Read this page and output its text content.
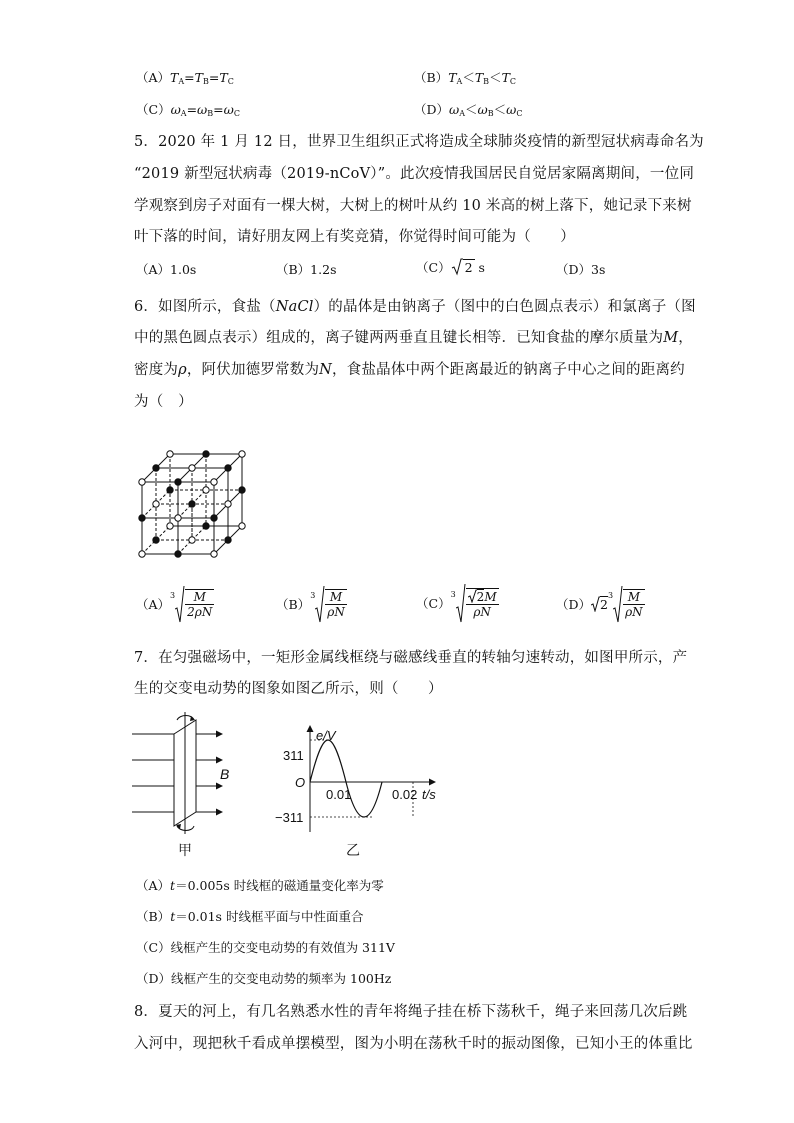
$(A)T_A=T_B=T_C$	$(B)T_A<T_B<T_C$
$(C)\omega_A=\omega_B=\omega_C$	$(D)\omega_A<\omega_B<\omega_C$
5．2020 年 1 月 12 日，世界卫生组织正式将造成全球肺炎疫情的新型冠状病毒命名为
“2019 新型冠状病毒（2019-nCoV）”。此次疫情我国居民自觉居家隔离期间，一位同
学观察到房子对面有一棵大树，大树上的树叶从约 10 米高的树上落下，她记录下来树
叶下落的时间，请好朋友网上有奖竞猜，你觉得时间可能为（　　）
（A）1.0s	（B）1.2s	（C） 2 s	（D）3s
6．如图所示，食盐（NaCl）的晶体是由钠离子（图中的白色圆点表示）和氯离子（图
中的黑色圆点表示）组成的，离子键两两垂直且键长相等．已知食盐的摩尔质量为M，
密度为ρ，阿伏加德罗常数为N，食盐晶体中两个距离最近的钠离子中心之间的距离约
为（　）
$(A)^3 \frac{M}{2\rho N}$	$(B)^3 \frac{M}{\rho N}$	$(C)^3 \frac{2M}{\rho N}$	（D） $2^3 \frac{M}{\rho N}$
7．在匀强磁场中，一矩形金属线框绕与磁感线垂直的转轴匀速转动，如图甲所示，产
生的交变电动势的图象如图乙所示，则（　　）
B
甲
e/V
311
O
0.01	0.02 t/s
−311
乙
（A）t＝0.005s 时线框的磁通量变化率为零
（B）t＝0.01s 时线框平面与中性面重合
（C）线框产生的交变电动势的有效值为 311V
（D）线框产生的交变电动势的频率为 100Hz
8．夏天的河上，有几名熟悉水性的青年将绳子挂在桥下荡秋千，绳子来回荡几次后跳
入河中，现把秋千看成单摆模型，图为小明在荡秋千时的振动图像，已知小王的体重比
